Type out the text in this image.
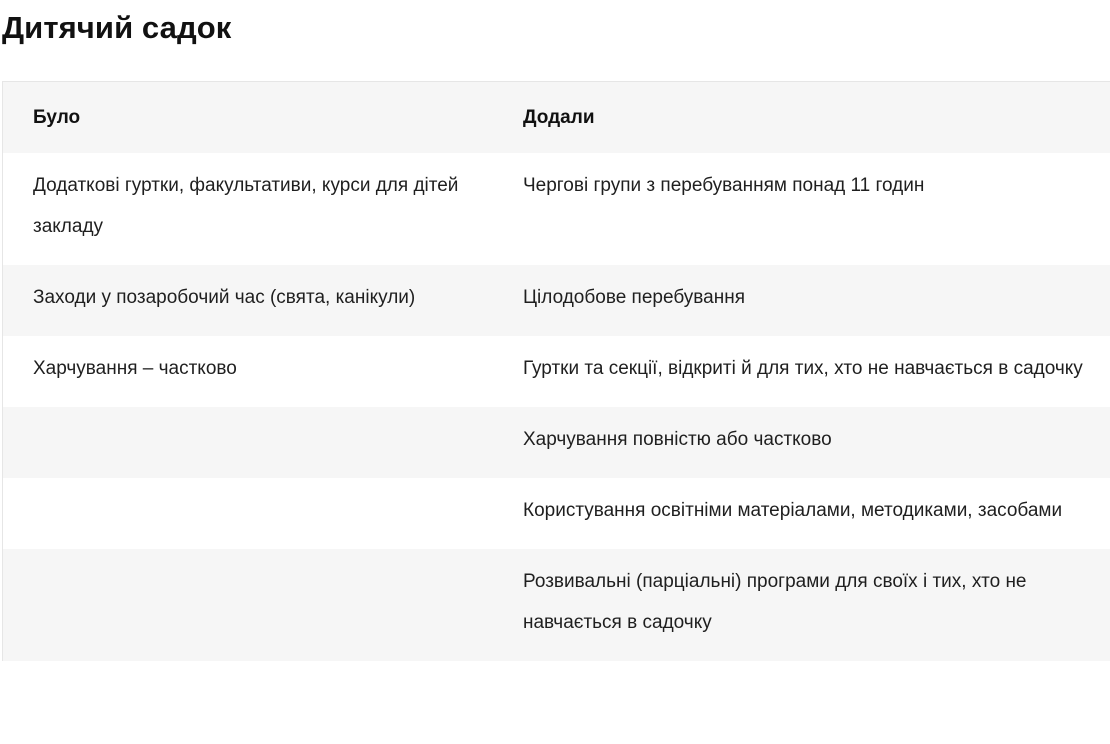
Дитячий садок
Було	Додали
Додаткові гуртки, факультативи, курси для дітей закладу	Чергові групи з перебуванням понад 11 годин
Заходи у позаробочий час (свята, канікули)	Цілодобове перебування
Харчування – частково	Гуртки та секції, відкриті й для тих, хто не навчається в садочку
	Харчування повністю або частково
	Користування освітніми матеріалами, методиками, засобами
	Розвивальні (парціальні) програми для своїх і тих, хто не навчається в садочку
